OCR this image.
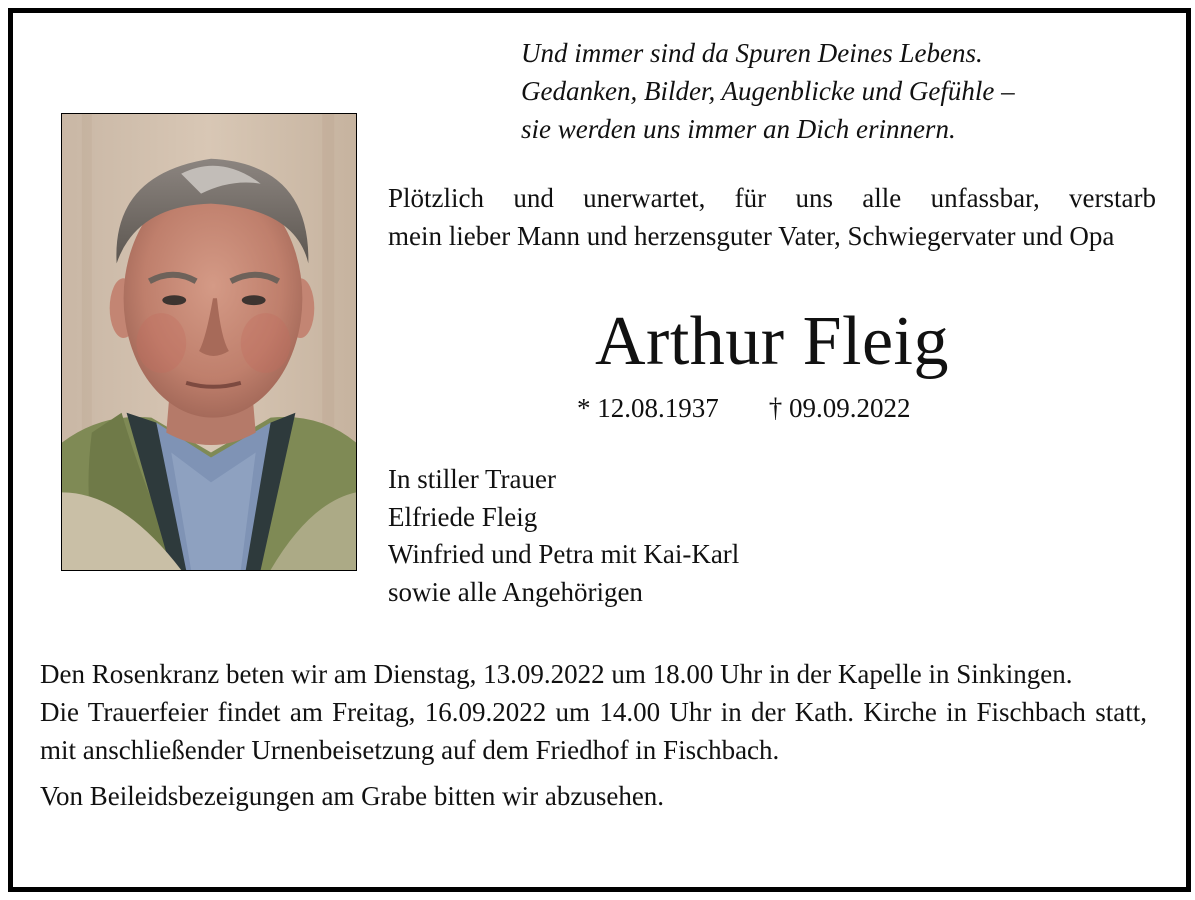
Und immer sind da Spuren Deines Lebens.
Gedanken, Bilder, Augenblicke und Gefühle –
sie werden uns immer an Dich erinnern.
Plötzlich und unerwartet, für uns alle unfassbar, verstarb
mein lieber Mann und herzensguter Vater, Schwiegervater und Opa
Arthur Fleig
* 12.08.1937 † 09.09.2022
In stiller Trauer
Elfriede Fleig
Winfried und Petra mit Kai-Karl
sowie alle Angehörigen

Den Rosenkranz beten wir am Dienstag, 13.09.2022 um 18.00 Uhr in der Kapelle in Sinkingen.

Die Trauerfeier findet am Freitag, 16.09.2022 um 14.00 Uhr in der Kath. Kirche in Fischbach statt, mit anschließender Urnenbeisetzung auf dem Friedhof in Fischbach.

Von Beileidsbezeigungen am Grabe bitten wir abzusehen.
